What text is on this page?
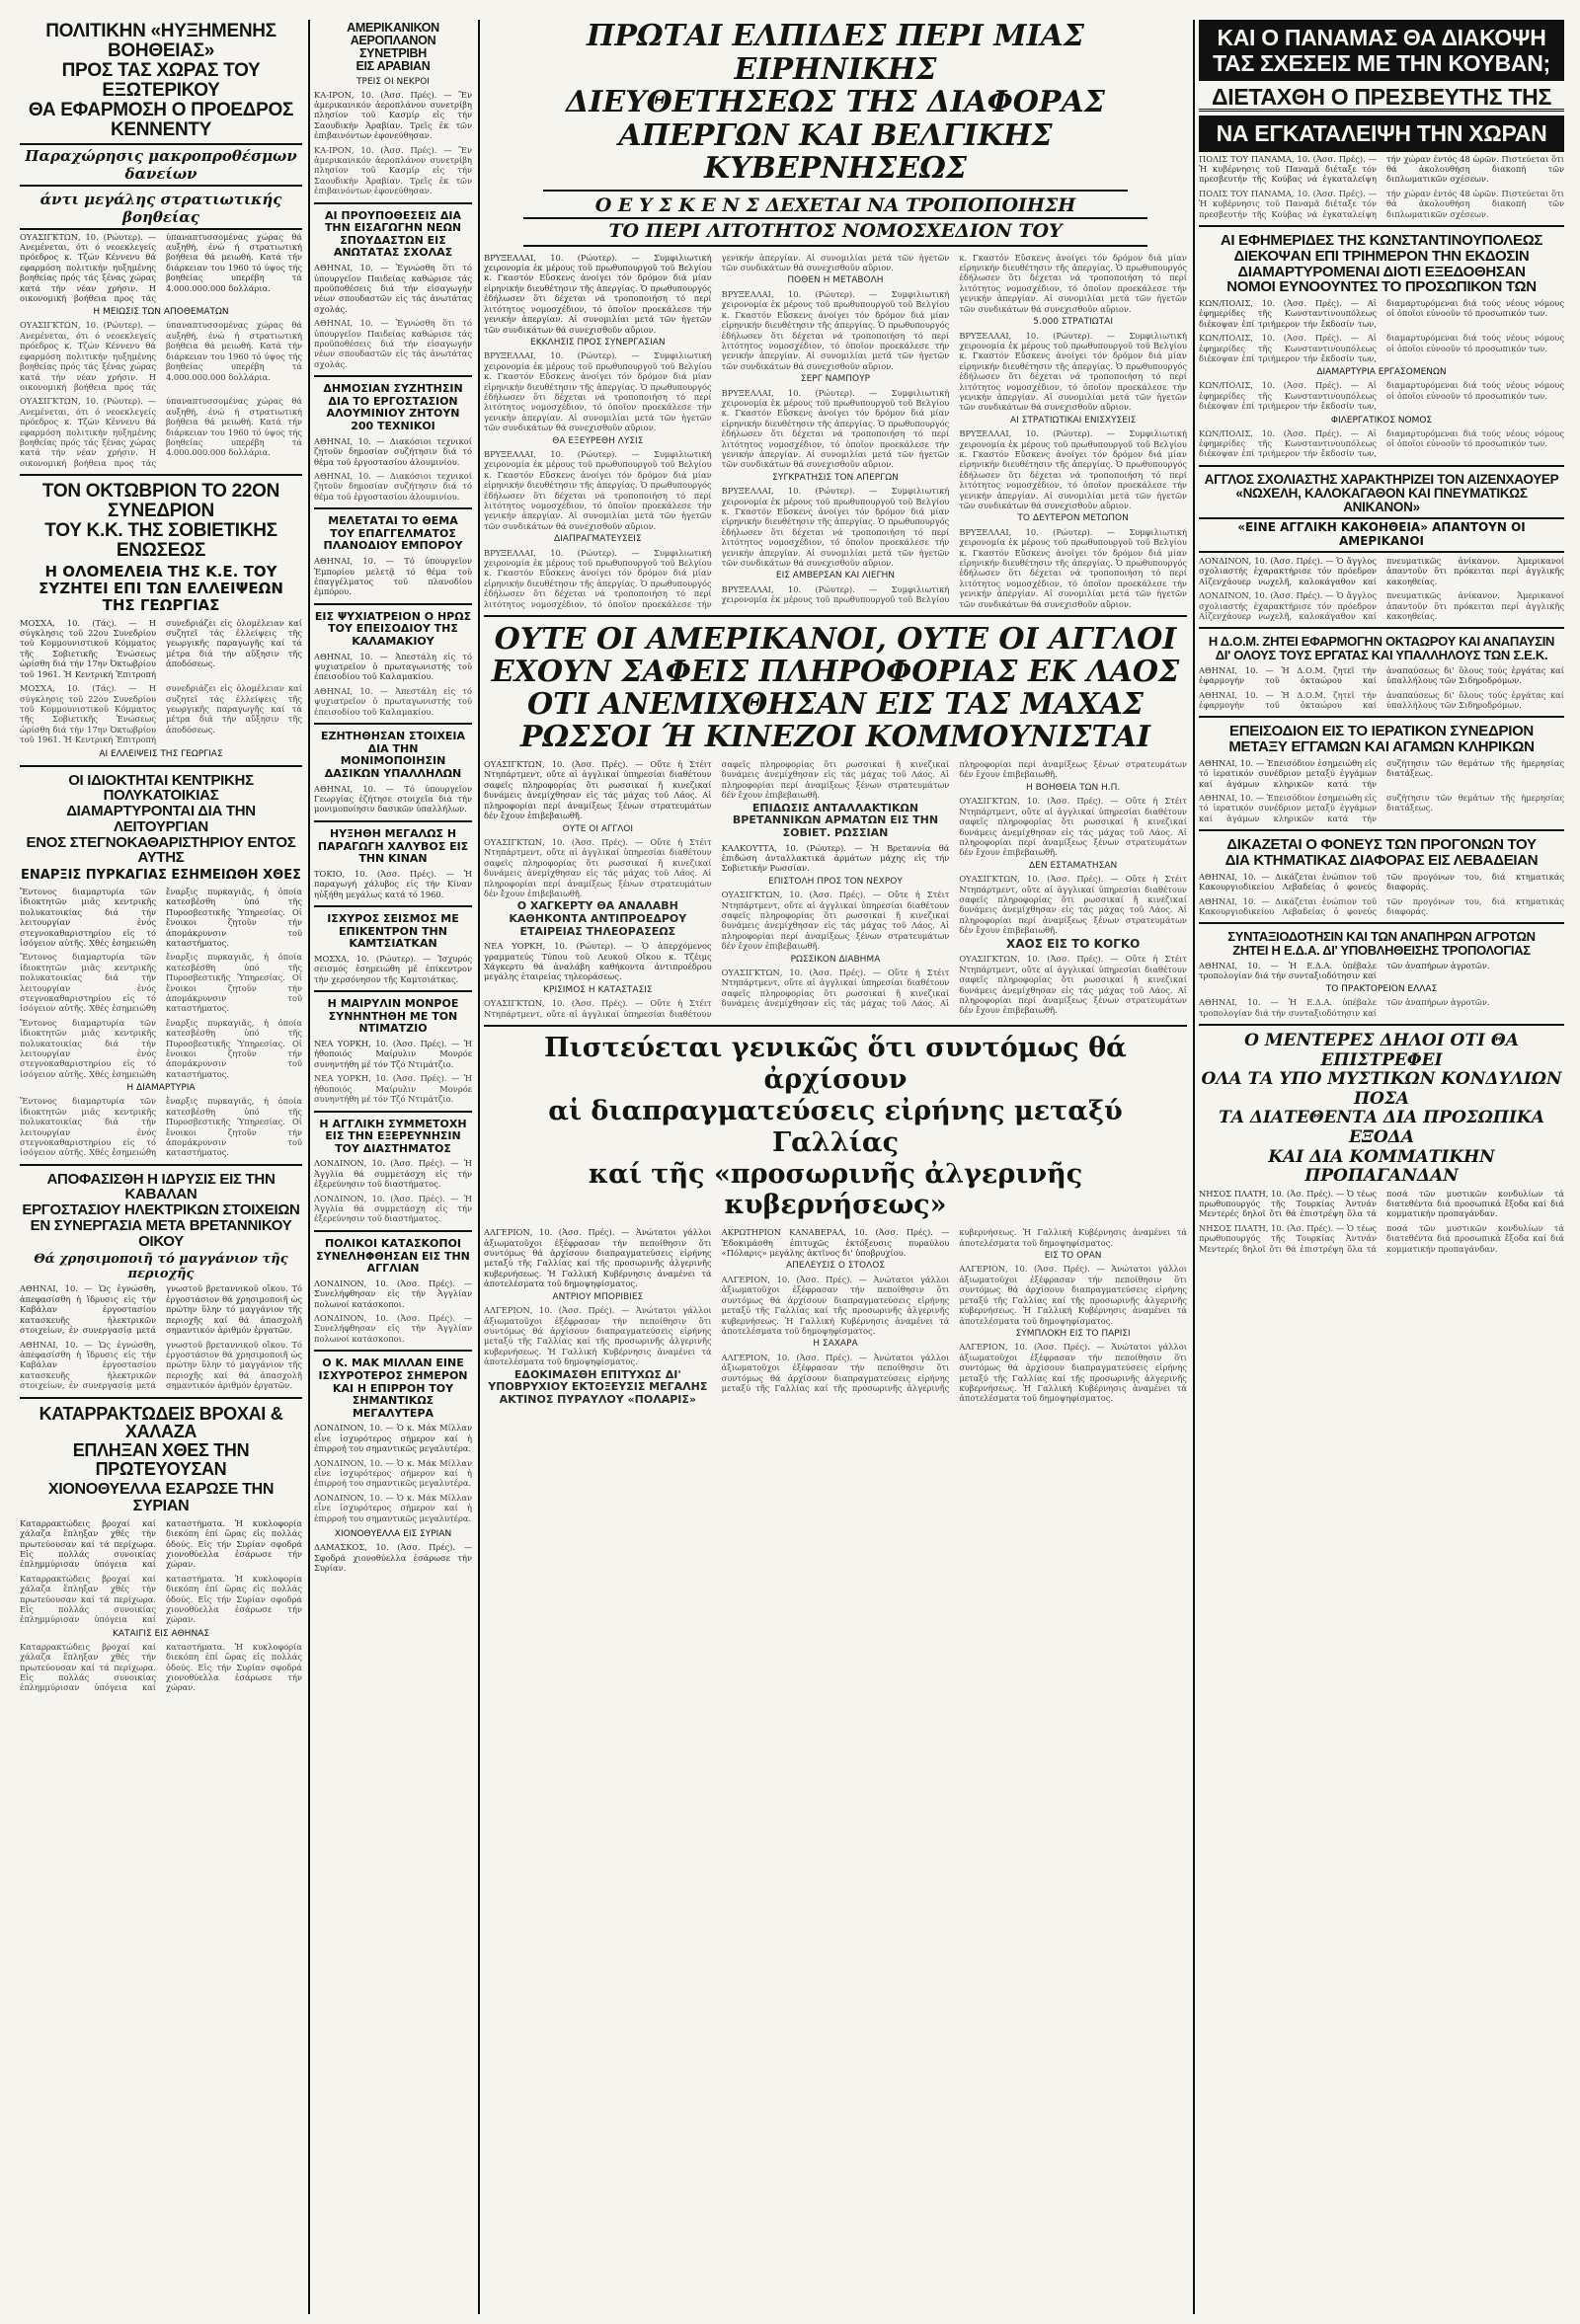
ΠΟΛΙΤΙΚΗΝ «ΗΥΞΗΜΕΝΗΣ ΒΟΗΘΕΙΑΣ»
ΠΡΟΣ ΤΑΣ ΧΩΡΑΣ ΤΟΥ ΕΞΩΤΕΡΙΚΟΥ
ΘΑ ΕΦΑΡΜΟΣΗ Ο ΠΡΟΕΔΡΟΣ ΚΕΝΝΕΝΤΥ
Παραχώρησις μακροπροθέσμων δανείων
άντι μεγάλης στρατιωτικής βοηθείας
ΟΥΑΣΙΓΚΤΩΝ, 10. (Ρώυτερ). — Ανεμένεται, ότι ό νεοεκλεγείς πρόεδρος κ. Τζών Κέννενυ θά εφαρμόση πολιτικήν ηυξημένης βοηθείας πρός τάς ξένας χώρας κατά τήν νέαν χρήσιν. Η οικονομική βοήθεια προς τάς ύπαναπτυσσομένας χώρας θά αυξηθή, ένώ ή στρατιωτική βοήθεια θά μειωθή. Κατά τήν διάρκειαν του 1960 τό ύψος τής βοηθείας υπερέβη τά 4.000.000.000 δολλάρια.
Η ΜΕΙΩΣΙΣ ΤΩΝ ΑΠΟΘΕΜΑΤΩΝ
ΟΥΑΣΙΓΚΤΩΝ, 10. (Ρώυτερ). — Ανεμένεται, ότι ό νεοεκλεγείς πρόεδρος κ. Τζών Κέννενυ θά εφαρμόση πολιτικήν ηυξημένης βοηθείας πρός τάς ξένας χώρας κατά τήν νέαν χρήσιν. Η οικονομική βοήθεια προς τάς ύπαναπτυσσομένας χώρας θά αυξηθή, ένώ ή στρατιωτική βοήθεια θά μειωθή. Κατά τήν διάρκειαν του 1960 τό ύψος τής βοηθείας υπερέβη τά 4.000.000.000 δολλάρια.
ΟΥΑΣΙΓΚΤΩΝ, 10. (Ρώυτερ). — Ανεμένεται, ότι ό νεοεκλεγείς πρόεδρος κ. Τζών Κέννενυ θά εφαρμόση πολιτικήν ηυξημένης βοηθείας πρός τάς ξένας χώρας κατά τήν νέαν χρήσιν. Η οικονομική βοήθεια προς τάς ύπαναπτυσσομένας χώρας θά αυξηθή, ένώ ή στρατιωτική βοήθεια θά μειωθή. Κατά τήν διάρκειαν του 1960 τό ύψος τής βοηθείας υπερέβη τά 4.000.000.000 δολλάρια.
ΤΟΝ ΟΚΤΩΒΡΙΟΝ ΤΟ 22ΟΝ ΣΥΝΕΔΡΙΟΝ
ΤΟΥ Κ.Κ. ΤΗΣ ΣΟΒΙΕΤΙΚΗΣ ΕΝΩΣΕΩΣ
Η ΟΛΟΜΕΛΕΙΑ ΤΗΣ Κ.Ε. ΤΟΥ ΣΥΖΗΤΕΙ ΕΠΙ ΤΩΝ ΕΛΛΕΙΨΕΩΝ ΤΗΣ ΓΕΩΡΓΙΑΣ
ΜΟΣΧΑ, 10. (Τάς). — Η σύγκλησις τοῦ 22ου Συνεδρίου τοῦ Κομμουνιστικοῦ Κόμματος τῆς Σοβιετικῆς Ἑνώσεως ὡρίσθη διά τήν 17ην Ὀκτωβρίου τοῦ 1961. Ἡ Κεντρική Ἐπιτροπή συνεδριάζει εἰς ὁλομέλειαν καί συζητεῖ τάς ἐλλείψεις τῆς γεωργικῆς παραγωγῆς καί τά μέτρα διά τήν αὔξησιν τῆς ἀποδόσεως.
ΜΟΣΧΑ, 10. (Τάς). — Η σύγκλησις τοῦ 22ου Συνεδρίου τοῦ Κομμουνιστικοῦ Κόμματος τῆς Σοβιετικῆς Ἑνώσεως ὡρίσθη διά τήν 17ην Ὀκτωβρίου τοῦ 1961. Ἡ Κεντρική Ἐπιτροπή συνεδριάζει εἰς ὁλομέλειαν καί συζητεῖ τάς ἐλλείψεις τῆς γεωργικῆς παραγωγῆς καί τά μέτρα διά τήν αὔξησιν τῆς ἀποδόσεως.
ΑΙ ΕΛΛΕΙΨΕΙΣ ΤΗΣ ΓΕΩΡΓΙΑΣ
ΟΙ ΙΔΙΟΚΤΗΤΑΙ ΚΕΝΤΡΙΚΗΣ ΠΟΛΥΚΑΤΟΙΚΙΑΣ
ΔΙΑΜΑΡΤΥΡΟΝΤΑΙ ΔΙΑ ΤΗΝ ΛΕΙΤΟΥΡΓΙΑΝ
ΕΝΟΣ ΣΤΕΓΝΟΚΑΘΑΡΙΣΤΗΡΙΟΥ ΕΝΤΟΣ ΑΥΤΗΣ
ΕΝΑΡΞΙΣ ΠΥΡΚΑΓΙΑΣ ΕΣΗΜΕΙΩΘΗ ΧΘΕΣ
Ἔντονος διαμαρτυρία τῶν ἰδιοκτητῶν μιᾶς κεντρικῆς πολυκατοικίας διά τήν λειτουργίαν ἑνός στεγνοκαθαριστηρίου εἰς τό ἰσόγειον αὐτῆς. Χθές ἐσημειώθη ἔναρξις πυρκαγιᾶς, ἡ ὁποία κατεσβέσθη ὑπό τῆς Πυροσβεστικῆς Ὑπηρεσίας. Οἱ ἔνοικοι ζητοῦν τήν ἀπομάκρυνσιν τοῦ καταστήματος.
Ἔντονος διαμαρτυρία τῶν ἰδιοκτητῶν μιᾶς κεντρικῆς πολυκατοικίας διά τήν λειτουργίαν ἑνός στεγνοκαθαριστηρίου εἰς τό ἰσόγειον αὐτῆς. Χθές ἐσημειώθη ἔναρξις πυρκαγιᾶς, ἡ ὁποία κατεσβέσθη ὑπό τῆς Πυροσβεστικῆς Ὑπηρεσίας. Οἱ ἔνοικοι ζητοῦν τήν ἀπομάκρυνσιν τοῦ καταστήματος.
Ἔντονος διαμαρτυρία τῶν ἰδιοκτητῶν μιᾶς κεντρικῆς πολυκατοικίας διά τήν λειτουργίαν ἑνός στεγνοκαθαριστηρίου εἰς τό ἰσόγειον αὐτῆς. Χθές ἐσημειώθη ἔναρξις πυρκαγιᾶς, ἡ ὁποία κατεσβέσθη ὑπό τῆς Πυροσβεστικῆς Ὑπηρεσίας. Οἱ ἔνοικοι ζητοῦν τήν ἀπομάκρυνσιν τοῦ καταστήματος.
Η ΔΙΑΜΑΡΤΥΡΙΑ
Ἔντονος διαμαρτυρία τῶν ἰδιοκτητῶν μιᾶς κεντρικῆς πολυκατοικίας διά τήν λειτουργίαν ἑνός στεγνοκαθαριστηρίου εἰς τό ἰσόγειον αὐτῆς. Χθές ἐσημειώθη ἔναρξις πυρκαγιᾶς, ἡ ὁποία κατεσβέσθη ὑπό τῆς Πυροσβεστικῆς Ὑπηρεσίας. Οἱ ἔνοικοι ζητοῦν τήν ἀπομάκρυνσιν τοῦ καταστήματος.
ΑΠΟΦΑΣΙΣΘΗ Η ΙΔΡΥΣΙΣ ΕΙΣ ΤΗΝ ΚΑΒΑΛΑΝ
ΕΡΓΟΣΤΑΣΙΟΥ ΗΛΕΚΤΡΙΚΩΝ ΣΤΟΙΧΕΙΩΝ
ΕΝ ΣΥΝΕΡΓΑΣΙΑ ΜΕΤΑ ΒΡΕΤΑΝΝΙΚΟΥ ΟΙΚΟΥ
Θά χρησιμοποιῆ τό μαγγάνιον τῆς περιοχῆς
ΑΘΗΝΑΙ, 10. — Ὡς ἐγνώσθη, ἀπεφασίσθη ἡ ἵδρυσις εἰς τήν Καβάλαν ἐργοστασίου κατασκευῆς ἠλεκτρικῶν στοιχείων, ἐν συνεργασίᾳ μετά γνωστοῦ βρεταννικοῦ οἴκου. Τό ἐργοστάσιον θά χρησιμοποιῆ ὡς πρώτην ὕλην τό μαγγάνιον τῆς περιοχῆς καί θά ἀπασχολῆ σημαντικόν ἀριθμόν ἐργατῶν.
ΑΘΗΝΑΙ, 10. — Ὡς ἐγνώσθη, ἀπεφασίσθη ἡ ἵδρυσις εἰς τήν Καβάλαν ἐργοστασίου κατασκευῆς ἠλεκτρικῶν στοιχείων, ἐν συνεργασίᾳ μετά γνωστοῦ βρεταννικοῦ οἴκου. Τό ἐργοστάσιον θά χρησιμοποιῆ ὡς πρώτην ὕλην τό μαγγάνιον τῆς περιοχῆς καί θά ἀπασχολῆ σημαντικόν ἀριθμόν ἐργατῶν.
ΚΑΤΑΡΡΑΚΤΩΔΕΙΣ ΒΡΟΧΑΙ & ΧΑΛΑΖΑ
ΕΠΛΗΞΑΝ ΧΘΕΣ ΤΗΝ ΠΡΩΤΕΥΟΥΣΑΝ
ΧΙΟΝΟΘΥΕΛΛΑ ΕΣΑΡΩΣΕ ΤΗΝ ΣΥΡΙΑΝ
Καταρρακτώδεις βροχαί καί χάλαζα ἔπληξαν χθές τήν πρωτεύουσαν καί τά περίχωρα. Εἰς πολλάς συνοικίας ἐπλημμύρισαν ὑπόγεια καί καταστήματα. Ἡ κυκλοφορία διεκόπη ἐπί ὥρας εἰς πολλάς ὁδούς. Εἰς τήν Συρίαν σφοδρά χιονοθύελλα ἐσάρωσε τήν χώραν.
Καταρρακτώδεις βροχαί καί χάλαζα ἔπληξαν χθές τήν πρωτεύουσαν καί τά περίχωρα. Εἰς πολλάς συνοικίας ἐπλημμύρισαν ὑπόγεια καί καταστήματα. Ἡ κυκλοφορία διεκόπη ἐπί ὥρας εἰς πολλάς ὁδούς. Εἰς τήν Συρίαν σφοδρά χιονοθύελλα ἐσάρωσε τήν χώραν.
ΚΑΤΑΙΓΙΣ ΕΙΣ ΑΘΗΝΑΣ
Καταρρακτώδεις βροχαί καί χάλαζα ἔπληξαν χθές τήν πρωτεύουσαν καί τά περίχωρα. Εἰς πολλάς συνοικίας ἐπλημμύρισαν ὑπόγεια καί καταστήματα. Ἡ κυκλοφορία διεκόπη ἐπί ὥρας εἰς πολλάς ὁδούς. Εἰς τήν Συρίαν σφοδρά χιονοθύελλα ἐσάρωσε τήν χώραν.
ΑΜΕΡΙΚΑΝΙΚΟΝ
ΑΕΡΟΠΛΑΝΟΝ
ΣΥΝΕΤΡΙΒΗ
ΕΙΣ ΑΡΑΒΙΑΝ
ΤΡΕΙΣ ΟΙ ΝΕΚΡΟΙ
ΚΑ-ΙΡΟΝ, 10. (Ἀσσ. Πρές). — Ἕν ἀμερικανικόν ἀεροπλάνον συνετρίβη πλησίον τοῦ Κασμίρ εἰς τήν Σαουδικήν Ἀραβίαν. Τρεῖς ἐκ τῶν ἐπιβαινόντων ἐφονεύθησαν.
ΚΑ-ΙΡΟΝ, 10. (Ἀσσ. Πρές). — Ἕν ἀμερικανικόν ἀεροπλάνον συνετρίβη πλησίον τοῦ Κασμίρ εἰς τήν Σαουδικήν Ἀραβίαν. Τρεῖς ἐκ τῶν ἐπιβαινόντων ἐφονεύθησαν.
ΑΙ ΠΡΟΥΠΟΘΕΣΕΙΣ ΔΙΑ ΤΗΝ ΕΙΣΑΓΩΓΗΝ ΝΕΩΝ ΣΠΟΥΔΑΣΤΩΝ ΕΙΣ ΑΝΩΤΑΤΑΣ ΣΧΟΛΑΣ
ΑΘΗΝΑΙ, 10. — Ἐγνώσθη ὅτι τό ὑπουργεῖον Παιδείας καθώρισε τάς προϋποθέσεις διά τήν εἰσαγωγήν νέων σπουδαστῶν εἰς τάς ἀνωτάτας σχολάς.
ΑΘΗΝΑΙ, 10. — Ἐγνώσθη ὅτι τό ὑπουργεῖον Παιδείας καθώρισε τάς προϋποθέσεις διά τήν εἰσαγωγήν νέων σπουδαστῶν εἰς τάς ἀνωτάτας σχολάς.
ΔΗΜΟΣΙΑΝ ΣΥΖΗΤΗΣΙΝ ΔΙΑ ΤΟ ΕΡΓΟΣΤΑΣΙΟΝ ΑΛΟΥΜΙΝΙΟΥ ΖΗΤΟΥΝ 200 ΤΕΧΝΙΚΟΙ
ΑΘΗΝΑΙ, 10. — Διακόσιοι τεχνικοί ζητοῦν δημοσίαν συζήτησιν διά τό θέμα τοῦ ἐργοστασίου ἀλουμινίου.
ΑΘΗΝΑΙ, 10. — Διακόσιοι τεχνικοί ζητοῦν δημοσίαν συζήτησιν διά τό θέμα τοῦ ἐργοστασίου ἀλουμινίου.
ΜΕΛΕΤΑΤΑΙ ΤΟ ΘΕΜΑ ΤΟΥ ΕΠΑΓΓΕΛΜΑΤΟΣ ΠΛΑΝΟΔΙΟΥ ΕΜΠΟΡΟΥ
ΑΘΗΝΑΙ, 10. — Τό ὑπουργεῖον Ἐμπορίου μελετᾷ τό θέμα τοῦ ἐπαγγέλματος τοῦ πλανοδίου ἐμπόρου.
ΕΙΣ ΨΥΧΙΑΤΡΕΙΟΝ Ο ΗΡΩΣ ΤΟΥ ΕΠΕΙΣΟΔΙΟΥ ΤΗΣ ΚΑΛΑΜΑΚΙΟΥ
ΑΘΗΝΑΙ, 10. — Ἀπεστάλη εἰς τό ψυχιατρεῖον ὁ πρωταγωνιστής τοῦ ἐπεισοδίου τοῦ Καλαμακίου.
ΑΘΗΝΑΙ, 10. — Ἀπεστάλη εἰς τό ψυχιατρεῖον ὁ πρωταγωνιστής τοῦ ἐπεισοδίου τοῦ Καλαμακίου.
ΕΖΗΤΗΘΗΣΑΝ ΣΤΟΙΧΕΙΑ ΔΙΑ ΤΗΝ ΜΟΝΙΜΟΠΟΙΗΣΙΝ ΔΑΣΙΚΩΝ ΥΠΑΛΛΗΛΩΝ
ΑΘΗΝΑΙ, 10. — Τό ὑπουργεῖον Γεωργίας ἐζήτησε στοιχεῖα διά τήν μονιμοποίησιν δασικῶν ὑπαλλήλων.
ΗΥΞΗΘΗ ΜΕΓΑΛΩΣ Η ΠΑΡΑΓΩΓΗ ΧΑΛΥΒΟΣ ΕΙΣ ΤΗΝ ΚΙΝΑΝ
ΤΟΚΙΟ, 10. (Ἀσσ. Πρές). — Ἡ παραγωγή χάλυβος εἰς τήν Κίναν ηὐξήθη μεγάλως κατά τό 1960.
ΙΣΧΥΡΟΣ ΣΕΙΣΜΟΣ ΜΕ ΕΠΙΚΕΝΤΡΟΝ ΤΗΝ ΚΑΜΤΣΙΑΤΚΑΝ
ΜΟΣΧΑ, 10. (Ρώυτερ). — Ἰσχυρός σεισμός ἐσημειώθη μέ ἐπίκεντρον τήν χερσόνησον τῆς Καμτσιάτκας.
Η ΜΑΙΡΥΛΙΝ ΜΟΝΡΟΕ ΣΥΝΗΝΤΗΘΗ ΜΕ ΤΟΝ ΝΤΙΜΑΤΖΙΟ
ΝΕΑ ΥΟΡΚΗ, 10. (Ἀσσ. Πρές). — Ἡ ἠθοποιός Μαίρυλιν Μονρόε συνηντήθη μέ τόν Τζό Ντιμάτζιο.
ΝΕΑ ΥΟΡΚΗ, 10. (Ἀσσ. Πρές). — Ἡ ἠθοποιός Μαίρυλιν Μονρόε συνηντήθη μέ τόν Τζό Ντιμάτζιο.
Η ΑΓΓΛΙΚΗ ΣΥΜΜΕΤΟΧΗ ΕΙΣ ΤΗΝ ΕΞΕΡΕΥΝΗΣΙΝ ΤΟΥ ΔΙΑΣΤΗΜΑΤΟΣ
ΛΟΝΔΙΝΟΝ, 10. (Ἀσσ. Πρές). — Ἡ Ἀγγλία θά συμμετάσχη εἰς τήν ἐξερεύνησιν τοῦ διαστήματος.
ΛΟΝΔΙΝΟΝ, 10. (Ἀσσ. Πρές). — Ἡ Ἀγγλία θά συμμετάσχη εἰς τήν ἐξερεύνησιν τοῦ διαστήματος.
ΠΟΛΙΚΟΙ ΚΑΤΑΣΚΟΠΟΙ ΣΥΝΕΛΗΦΘΗΣΑΝ ΕΙΣ ΤΗΝ ΑΓΓΛΙΑΝ
ΛΟΝΔΙΝΟΝ, 10. (Ἀσσ. Πρές). — Συνελήφθησαν εἰς τήν Ἀγγλίαν πολωνοί κατάσκοποι.
ΛΟΝΔΙΝΟΝ, 10. (Ἀσσ. Πρές). — Συνελήφθησαν εἰς τήν Ἀγγλίαν πολωνοί κατάσκοποι.
Ο Κ. ΜΑΚ ΜΙΛΛΑΝ ΕΙΝΕ ΙΣΧΥΡΟΤΕΡΟΣ ΣΗΜΕΡΟΝ ΚΑΙ Η ΕΠΙΡΡΟΗ ΤΟΥ ΣΗΜΑΝΤΙΚΩΣ ΜΕΓΑΛΥΤΕΡΑ
ΛΟΝΔΙΝΟΝ, 10. — Ὁ κ. Μάκ Μίλλαν εἶνε ἰσχυρότερος σήμερον καί ἡ ἐπιρροή του σημαντικῶς μεγαλυτέρα.
ΛΟΝΔΙΝΟΝ, 10. — Ὁ κ. Μάκ Μίλλαν εἶνε ἰσχυρότερος σήμερον καί ἡ ἐπιρροή του σημαντικῶς μεγαλυτέρα.
ΛΟΝΔΙΝΟΝ, 10. — Ὁ κ. Μάκ Μίλλαν εἶνε ἰσχυρότερος σήμερον καί ἡ ἐπιρροή του σημαντικῶς μεγαλυτέρα.
ΧΙΟΝΟΘΥΕΛΛΑ ΕΙΣ ΣΥΡΙΑΝ
ΔΑΜΑΣΚΟΣ, 10. (Ἀσσ. Πρές). — Σφοδρά χιονοθύελλα ἐσάρωσε τήν Συρίαν.
ΠΡΩΤΑΙ ΕΛΠΙΔΕΣ ΠΕΡΙ ΜΙΑΣ ΕΙΡΗΝΙΚΗΣ
ΔΙΕΥΘΕΤΗΣΕΩΣ ΤΗΣ ΔΙΑΦΟΡΑΣ
ΑΠΕΡΓΩΝ ΚΑΙ ΒΕΛΓΙΚΗΣ ΚΥΒΕΡΝΗΣΕΩΣ
Ο Ε Υ Σ Κ Ε Ν Σ ΔΕΧΕΤΑΙ ΝΑ ΤΡΟΠΟΠΟΙΗΣΗ
ΤΟ ΠΕΡΙ ΛΙΤΟΤΗΤΟΣ ΝΟΜΟΣΧΕΔΙΟΝ ΤΟΥ
ΒΡΥΞΕΛΛΑΙ, 10. (Ρώυτερ). — Συμφιλιωτική χειρονομία ἐκ μέρους τοῦ πρωθυπουργοῦ τοῦ Βελγίου κ. Γκαστόν Εὔσκενς ἀνοίγει τόν δρόμον διά μίαν εἰρηνικήν διευθέτησιν τῆς ἀπεργίας. Ὁ πρωθυπουργός ἐδήλωσεν ὅτι δέχεται νά τροποποιήση τό περί λιτότητος νομοσχέδιον, τό ὁποῖον προεκάλεσε τήν γενικήν ἀπεργίαν. Αἱ συνομιλίαι μετά τῶν ἡγετῶν τῶν συνδικάτων θά συνεχισθοῦν αὔριον.
ΕΚΚΛΗΣΙΣ ΠΡΟΣ ΣΥΝΕΡΓΑΣΙΑΝ
ΒΡΥΞΕΛΛΑΙ, 10. (Ρώυτερ). — Συμφιλιωτική χειρονομία ἐκ μέρους τοῦ πρωθυπουργοῦ τοῦ Βελγίου κ. Γκαστόν Εὔσκενς ἀνοίγει τόν δρόμον διά μίαν εἰρηνικήν διευθέτησιν τῆς ἀπεργίας. Ὁ πρωθυπουργός ἐδήλωσεν ὅτι δέχεται νά τροποποιήση τό περί λιτότητος νομοσχέδιον, τό ὁποῖον προεκάλεσε τήν γενικήν ἀπεργίαν. Αἱ συνομιλίαι μετά τῶν ἡγετῶν τῶν συνδικάτων θά συνεχισθοῦν αὔριον.
ΘΑ ΕΞΕΥΡΕΘΗ ΛΥΣΙΣ
ΒΡΥΞΕΛΛΑΙ, 10. (Ρώυτερ). — Συμφιλιωτική χειρονομία ἐκ μέρους τοῦ πρωθυπουργοῦ τοῦ Βελγίου κ. Γκαστόν Εὔσκενς ἀνοίγει τόν δρόμον διά μίαν εἰρηνικήν διευθέτησιν τῆς ἀπεργίας. Ὁ πρωθυπουργός ἐδήλωσεν ὅτι δέχεται νά τροποποιήση τό περί λιτότητος νομοσχέδιον, τό ὁποῖον προεκάλεσε τήν γενικήν ἀπεργίαν. Αἱ συνομιλίαι μετά τῶν ἡγετῶν τῶν συνδικάτων θά συνεχισθοῦν αὔριον.
ΔΙΑΠΡΑΓΜΑΤΕΥΣΕΙΣ
ΒΡΥΞΕΛΛΑΙ, 10. (Ρώυτερ). — Συμφιλιωτική χειρονομία ἐκ μέρους τοῦ πρωθυπουργοῦ τοῦ Βελγίου κ. Γκαστόν Εὔσκενς ἀνοίγει τόν δρόμον διά μίαν εἰρηνικήν διευθέτησιν τῆς ἀπεργίας. Ὁ πρωθυπουργός ἐδήλωσεν ὅτι δέχεται νά τροποποιήση τό περί λιτότητος νομοσχέδιον, τό ὁποῖον προεκάλεσε τήν γενικήν ἀπεργίαν. Αἱ συνομιλίαι μετά τῶν ἡγετῶν τῶν συνδικάτων θά συνεχισθοῦν αὔριον.
ΠΟΘΕΝ Η ΜΕΤΑΒΟΛΗ
ΒΡΥΞΕΛΛΑΙ, 10. (Ρώυτερ). — Συμφιλιωτική χειρονομία ἐκ μέρους τοῦ πρωθυπουργοῦ τοῦ Βελγίου κ. Γκαστόν Εὔσκενς ἀνοίγει τόν δρόμον διά μίαν εἰρηνικήν διευθέτησιν τῆς ἀπεργίας. Ὁ πρωθυπουργός ἐδήλωσεν ὅτι δέχεται νά τροποποιήση τό περί λιτότητος νομοσχέδιον, τό ὁποῖον προεκάλεσε τήν γενικήν ἀπεργίαν. Αἱ συνομιλίαι μετά τῶν ἡγετῶν τῶν συνδικάτων θά συνεχισθοῦν αὔριον.
ΣΕΡΓ ΝΑΜΠΟΥΡ
ΒΡΥΞΕΛΛΑΙ, 10. (Ρώυτερ). — Συμφιλιωτική χειρονομία ἐκ μέρους τοῦ πρωθυπουργοῦ τοῦ Βελγίου κ. Γκαστόν Εὔσκενς ἀνοίγει τόν δρόμον διά μίαν εἰρηνικήν διευθέτησιν τῆς ἀπεργίας. Ὁ πρωθυπουργός ἐδήλωσεν ὅτι δέχεται νά τροποποιήση τό περί λιτότητος νομοσχέδιον, τό ὁποῖον προεκάλεσε τήν γενικήν ἀπεργίαν. Αἱ συνομιλίαι μετά τῶν ἡγετῶν τῶν συνδικάτων θά συνεχισθοῦν αὔριον.
ΣΥΓΚΡΑΤΗΣΙΣ ΤΟΝ ΑΠΕΡΓΩΝ
ΒΡΥΞΕΛΛΑΙ, 10. (Ρώυτερ). — Συμφιλιωτική χειρονομία ἐκ μέρους τοῦ πρωθυπουργοῦ τοῦ Βελγίου κ. Γκαστόν Εὔσκενς ἀνοίγει τόν δρόμον διά μίαν εἰρηνικήν διευθέτησιν τῆς ἀπεργίας. Ὁ πρωθυπουργός ἐδήλωσεν ὅτι δέχεται νά τροποποιήση τό περί λιτότητος νομοσχέδιον, τό ὁποῖον προεκάλεσε τήν γενικήν ἀπεργίαν. Αἱ συνομιλίαι μετά τῶν ἡγετῶν τῶν συνδικάτων θά συνεχισθοῦν αὔριον.
ΕΙΣ ΑΜΒΕΡΣΑΝ ΚΑΙ ΛΙΕΓΗΝ
ΒΡΥΞΕΛΛΑΙ, 10. (Ρώυτερ). — Συμφιλιωτική χειρονομία ἐκ μέρους τοῦ πρωθυπουργοῦ τοῦ Βελγίου κ. Γκαστόν Εὔσκενς ἀνοίγει τόν δρόμον διά μίαν εἰρηνικήν διευθέτησιν τῆς ἀπεργίας. Ὁ πρωθυπουργός ἐδήλωσεν ὅτι δέχεται νά τροποποιήση τό περί λιτότητος νομοσχέδιον, τό ὁποῖον προεκάλεσε τήν γενικήν ἀπεργίαν. Αἱ συνομιλίαι μετά τῶν ἡγετῶν τῶν συνδικάτων θά συνεχισθοῦν αὔριον.
5.000 ΣΤΡΑΤΙΩΤΑΙ
ΒΡΥΞΕΛΛΑΙ, 10. (Ρώυτερ). — Συμφιλιωτική χειρονομία ἐκ μέρους τοῦ πρωθυπουργοῦ τοῦ Βελγίου κ. Γκαστόν Εὔσκενς ἀνοίγει τόν δρόμον διά μίαν εἰρηνικήν διευθέτησιν τῆς ἀπεργίας. Ὁ πρωθυπουργός ἐδήλωσεν ὅτι δέχεται νά τροποποιήση τό περί λιτότητος νομοσχέδιον, τό ὁποῖον προεκάλεσε τήν γενικήν ἀπεργίαν. Αἱ συνομιλίαι μετά τῶν ἡγετῶν τῶν συνδικάτων θά συνεχισθοῦν αὔριον.
ΑΙ ΣΤΡΑΤΙΩΤΙΚΑΙ ΕΝΙΣΧΥΣΕΙΣ
ΒΡΥΞΕΛΛΑΙ, 10. (Ρώυτερ). — Συμφιλιωτική χειρονομία ἐκ μέρους τοῦ πρωθυπουργοῦ τοῦ Βελγίου κ. Γκαστόν Εὔσκενς ἀνοίγει τόν δρόμον διά μίαν εἰρηνικήν διευθέτησιν τῆς ἀπεργίας. Ὁ πρωθυπουργός ἐδήλωσεν ὅτι δέχεται νά τροποποιήση τό περί λιτότητος νομοσχέδιον, τό ὁποῖον προεκάλεσε τήν γενικήν ἀπεργίαν. Αἱ συνομιλίαι μετά τῶν ἡγετῶν τῶν συνδικάτων θά συνεχισθοῦν αὔριον.
ΤΟ ΔΕΥΤΕΡΟΝ ΜΕΤΩΠΟΝ
ΒΡΥΞΕΛΛΑΙ, 10. (Ρώυτερ). — Συμφιλιωτική χειρονομία ἐκ μέρους τοῦ πρωθυπουργοῦ τοῦ Βελγίου κ. Γκαστόν Εὔσκενς ἀνοίγει τόν δρόμον διά μίαν εἰρηνικήν διευθέτησιν τῆς ἀπεργίας. Ὁ πρωθυπουργός ἐδήλωσεν ὅτι δέχεται νά τροποποιήση τό περί λιτότητος νομοσχέδιον, τό ὁποῖον προεκάλεσε τήν γενικήν ἀπεργίαν. Αἱ συνομιλίαι μετά τῶν ἡγετῶν τῶν συνδικάτων θά συνεχισθοῦν αὔριον.
ΟΥΤΕ ΟΙ ΑΜΕΡΙΚΑΝΟΙ, ΟΥΤΕ ΟΙ ΑΓΓΛΟΙ
ΕΧΟΥΝ ΣΑΦΕΙΣ ΠΛΗΡΟΦΟΡΙΑΣ ΕΚ ΛΑΟΣ
ΟΤΙ ΑΝΕΜΙΧΘΗΣΑΝ ΕΙΣ ΤΑΣ ΜΑΧΑΣ
ΡΩΣΣΟΙ Ή ΚΙΝΕΖΟΙ ΚΟΜΜΟΥΝΙΣΤΑΙ
ΟΥΑΣΙΓΚΤΩΝ, 10. (Ἀσσ. Πρές). — Οὔτε ἡ Στέιτ Ντηπάρτμεντ, οὔτε αἱ ἀγγλικαί ὑπηρεσίαι διαθέτουν σαφεῖς πληροφορίας ὅτι ρωσσικαί ἤ κινεζικαί δυνάμεις ἀνεμίχθησαν εἰς τάς μάχας τοῦ Λάος. Αἱ πληροφορίαι περί ἀναμίξεως ξένων στρατευμάτων δέν ἔχουν ἐπιβεβαιωθῆ.
ΟΥΤΕ ΟΙ ΑΓΓΛΟΙ
ΟΥΑΣΙΓΚΤΩΝ, 10. (Ἀσσ. Πρές). — Οὔτε ἡ Στέιτ Ντηπάρτμεντ, οὔτε αἱ ἀγγλικαί ὑπηρεσίαι διαθέτουν σαφεῖς πληροφορίας ὅτι ρωσσικαί ἤ κινεζικαί δυνάμεις ἀνεμίχθησαν εἰς τάς μάχας τοῦ Λάος. Αἱ πληροφορίαι περί ἀναμίξεως ξένων στρατευμάτων δέν ἔχουν ἐπιβεβαιωθῆ.
Ο ΧΑΓΚΕΡΤΥ ΘΑ ΑΝΑΛΑΒΗ ΚΑΘΗΚΟΝΤΑ ΑΝΤΙΠΡΟΕΔΡΟΥ ΕΤΑΙΡΕΙΑΣ ΤΗΛΕΟΡΑΣΕΩΣ
ΝΕΑ ΥΟΡΚΗ, 10. (Ρώυτερ). — Ὁ ἀπερχόμενος γραμματεύς Τύπου τοῦ Λευκοῦ Οἴκου κ. Τζέιμς Χάγκερτυ θά ἀναλάβη καθήκοντα ἀντιπροέδρου μεγάλης ἑταιρείας τηλεοράσεως.
ΚΡΙΣΙΜΟΣ Η ΚΑΤΑΣΤΑΣΙΣ
ΟΥΑΣΙΓΚΤΩΝ, 10. (Ἀσσ. Πρές). — Οὔτε ἡ Στέιτ Ντηπάρτμεντ, οὔτε αἱ ἀγγλικαί ὑπηρεσίαι διαθέτουν σαφεῖς πληροφορίας ὅτι ρωσσικαί ἤ κινεζικαί δυνάμεις ἀνεμίχθησαν εἰς τάς μάχας τοῦ Λάος. Αἱ πληροφορίαι περί ἀναμίξεως ξένων στρατευμάτων δέν ἔχουν ἐπιβεβαιωθῆ.
ΕΠΙΔΩΣΙΣ ΑΝΤΑΛΛΑΚΤΙΚΩΝ ΒΡΕΤΑΝΝΙΚΩΝ ΑΡΜΑΤΩΝ ΕΙΣ ΤΗΝ ΣΟΒΙΕΤ. ΡΩΣΣΙΑΝ
ΚΑΛΚΟΥΤΤΑ, 10. (Ρώυτερ). — Ἡ Βρεταννία θά ἐπιδώση ἀνταλλακτικά ἁρμάτων μάχης εἰς τήν Σοβιετικήν Ρωσσίαν.
ΕΠΙΣΤΟΛΗ ΠΡΟΣ ΤΟΝ ΝΕΧΡΟΥ
ΟΥΑΣΙΓΚΤΩΝ, 10. (Ἀσσ. Πρές). — Οὔτε ἡ Στέιτ Ντηπάρτμεντ, οὔτε αἱ ἀγγλικαί ὑπηρεσίαι διαθέτουν σαφεῖς πληροφορίας ὅτι ρωσσικαί ἤ κινεζικαί δυνάμεις ἀνεμίχθησαν εἰς τάς μάχας τοῦ Λάος. Αἱ πληροφορίαι περί ἀναμίξεως ξένων στρατευμάτων δέν ἔχουν ἐπιβεβαιωθῆ.
ΡΩΣΣΙΚΟΝ ΔΙΑΒΗΜΑ
ΟΥΑΣΙΓΚΤΩΝ, 10. (Ἀσσ. Πρές). — Οὔτε ἡ Στέιτ Ντηπάρτμεντ, οὔτε αἱ ἀγγλικαί ὑπηρεσίαι διαθέτουν σαφεῖς πληροφορίας ὅτι ρωσσικαί ἤ κινεζικαί δυνάμεις ἀνεμίχθησαν εἰς τάς μάχας τοῦ Λάος. Αἱ πληροφορίαι περί ἀναμίξεως ξένων στρατευμάτων δέν ἔχουν ἐπιβεβαιωθῆ.
Η ΒΟΗΘΕΙΑ ΤΩΝ Η.Π.
ΟΥΑΣΙΓΚΤΩΝ, 10. (Ἀσσ. Πρές). — Οὔτε ἡ Στέιτ Ντηπάρτμεντ, οὔτε αἱ ἀγγλικαί ὑπηρεσίαι διαθέτουν σαφεῖς πληροφορίας ὅτι ρωσσικαί ἤ κινεζικαί δυνάμεις ἀνεμίχθησαν εἰς τάς μάχας τοῦ Λάος. Αἱ πληροφορίαι περί ἀναμίξεως ξένων στρατευμάτων δέν ἔχουν ἐπιβεβαιωθῆ.
ΔΕΝ ΕΣΤΑΜΑΤΗΣΑΝ
ΟΥΑΣΙΓΚΤΩΝ, 10. (Ἀσσ. Πρές). — Οὔτε ἡ Στέιτ Ντηπάρτμεντ, οὔτε αἱ ἀγγλικαί ὑπηρεσίαι διαθέτουν σαφεῖς πληροφορίας ὅτι ρωσσικαί ἤ κινεζικαί δυνάμεις ἀνεμίχθησαν εἰς τάς μάχας τοῦ Λάος. Αἱ πληροφορίαι περί ἀναμίξεως ξένων στρατευμάτων δέν ἔχουν ἐπιβεβαιωθῆ.
ΧΑΟΣ ΕΙΣ ΤΟ ΚΟΓΚΟ
ΟΥΑΣΙΓΚΤΩΝ, 10. (Ἀσσ. Πρές). — Οὔτε ἡ Στέιτ Ντηπάρτμεντ, οὔτε αἱ ἀγγλικαί ὑπηρεσίαι διαθέτουν σαφεῖς πληροφορίας ὅτι ρωσσικαί ἤ κινεζικαί δυνάμεις ἀνεμίχθησαν εἰς τάς μάχας τοῦ Λάος. Αἱ πληροφορίαι περί ἀναμίξεως ξένων στρατευμάτων δέν ἔχουν ἐπιβεβαιωθῆ.
Πιστεύεται γενικῶς ὅτι συντόμως θά ἀρχίσουν
αἱ διαπραγματεύσεις εἰρήνης μεταξύ Γαλλίας
καί τῆς «προσωρινῆς ἀλγερινῆς κυβερνήσεως»
ΑΛΓΕΡΙΟΝ, 10. (Ἀσσ. Πρές). — Ἀνώτατοι γάλλοι ἀξιωματοῦχοι ἐξέφρασαν τήν πεποίθησιν ὅτι συντόμως θά ἀρχίσουν διαπραγματεύσεις εἰρήνης μεταξύ τῆς Γαλλίας καί τῆς προσωρινῆς ἀλγερινῆς κυβερνήσεως. Ἡ Γαλλική Κυβέρνησις ἀναμένει τά ἀποτελέσματα τοῦ δημοψηφίσματος.
ΑΝΤΡΙΟΥ ΜΠΟΡΙΒΙΕΣ
ΑΛΓΕΡΙΟΝ, 10. (Ἀσσ. Πρές). — Ἀνώτατοι γάλλοι ἀξιωματοῦχοι ἐξέφρασαν τήν πεποίθησιν ὅτι συντόμως θά ἀρχίσουν διαπραγματεύσεις εἰρήνης μεταξύ τῆς Γαλλίας καί τῆς προσωρινῆς ἀλγερινῆς κυβερνήσεως. Ἡ Γαλλική Κυβέρνησις ἀναμένει τά ἀποτελέσματα τοῦ δημοψηφίσματος.
ΕΔΟΚΙΜΑΣΘΗ ΕΠΙΤΥΧΩΣ ΔΙ' ΥΠΟΒΡΥΧΙΟΥ ΕΚΤΟΞΕΥΣΙΣ ΜΕΓΑΛΗΣ ΑΚΤΙΝΟΣ ΠΥΡΑΥΛΟΥ «ΠΟΛΑΡΙΣ»
ΑΚΡΩΤΗΡΙΟΝ ΚΑΝΑΒΕΡΑΛ, 10. (Ἀσσ. Πρές). — Ἐδοκιμάσθη ἐπιτυχῶς ἐκτόξευσις πυραύλου «Πόλαρις» μεγάλης ἀκτῖνος δι' ὑποβρυχίου.
ΑΠΕΛΕΥΣΙΣ Ο ΣΤΟΛΟΣ
ΑΛΓΕΡΙΟΝ, 10. (Ἀσσ. Πρές). — Ἀνώτατοι γάλλοι ἀξιωματοῦχοι ἐξέφρασαν τήν πεποίθησιν ὅτι συντόμως θά ἀρχίσουν διαπραγματεύσεις εἰρήνης μεταξύ τῆς Γαλλίας καί τῆς προσωρινῆς ἀλγερινῆς κυβερνήσεως. Ἡ Γαλλική Κυβέρνησις ἀναμένει τά ἀποτελέσματα τοῦ δημοψηφίσματος.
Η ΣΑΧΑΡΑ
ΑΛΓΕΡΙΟΝ, 10. (Ἀσσ. Πρές). — Ἀνώτατοι γάλλοι ἀξιωματοῦχοι ἐξέφρασαν τήν πεποίθησιν ὅτι συντόμως θά ἀρχίσουν διαπραγματεύσεις εἰρήνης μεταξύ τῆς Γαλλίας καί τῆς προσωρινῆς ἀλγερινῆς κυβερνήσεως. Ἡ Γαλλική Κυβέρνησις ἀναμένει τά ἀποτελέσματα τοῦ δημοψηφίσματος.
ΕΙΣ ΤΟ ΟΡΑΝ
ΑΛΓΕΡΙΟΝ, 10. (Ἀσσ. Πρές). — Ἀνώτατοι γάλλοι ἀξιωματοῦχοι ἐξέφρασαν τήν πεποίθησιν ὅτι συντόμως θά ἀρχίσουν διαπραγματεύσεις εἰρήνης μεταξύ τῆς Γαλλίας καί τῆς προσωρινῆς ἀλγερινῆς κυβερνήσεως. Ἡ Γαλλική Κυβέρνησις ἀναμένει τά ἀποτελέσματα τοῦ δημοψηφίσματος.
ΣΥΜΠΛΟΚΗ ΕΙΣ ΤΟ ΠΑΡΙΣΙ
ΑΛΓΕΡΙΟΝ, 10. (Ἀσσ. Πρές). — Ἀνώτατοι γάλλοι ἀξιωματοῦχοι ἐξέφρασαν τήν πεποίθησιν ὅτι συντόμως θά ἀρχίσουν διαπραγματεύσεις εἰρήνης μεταξύ τῆς Γαλλίας καί τῆς προσωρινῆς ἀλγερινῆς κυβερνήσεως. Ἡ Γαλλική Κυβέρνησις ἀναμένει τά ἀποτελέσματα τοῦ δημοψηφίσματος.
ΚΑΙ Ο ΠΑΝΑΜΑΣ ΘΑ ΔΙΑΚΟΨΗ
ΤΑΣ ΣΧΕΣΕΙΣ ΜΕ ΤΗΝ ΚΟΥΒΑΝ;
ΔΙΕΤΑΧΘΗ Ο ΠΡΕΣΒΕΥΤΗΣ ΤΗΣ
ΝΑ ΕΓΚΑΤΑΛΕΙΨΗ ΤΗΝ ΧΩΡΑΝ
ΠΟΛΙΣ ΤΟΥ ΠΑΝΑΜΑ, 10. (Ἀσσ. Πρές). — Ἡ κυβέρνησις τοῦ Παναμᾶ διέταξε τόν πρεσβευτήν τῆς Κούβας νά ἐγκαταλείψη τήν χώραν ἐντός 48 ὡρῶν. Πιστεύεται ὅτι θά ἀκολουθήση διακοπή τῶν διπλωματικῶν σχέσεων.
ΠΟΛΙΣ ΤΟΥ ΠΑΝΑΜΑ, 10. (Ἀσσ. Πρές). — Ἡ κυβέρνησις τοῦ Παναμᾶ διέταξε τόν πρεσβευτήν τῆς Κούβας νά ἐγκαταλείψη τήν χώραν ἐντός 48 ὡρῶν. Πιστεύεται ὅτι θά ἀκολουθήση διακοπή τῶν διπλωματικῶν σχέσεων.
ΑΙ ΕΦΗΜΕΡΙΔΕΣ ΤΗΣ ΚΩΝΣΤΑΝΤΙΝΟΥΠΟΛΕΩΣ
ΔΙΕΚΟΨΑΝ ΕΠΙ ΤΡΙΗΜΕΡΟΝ ΤΗΝ ΕΚΔΟΣΙΝ
ΔΙΑΜΑΡΤΥΡΟΜΕΝΑΙ ΔΙΟΤΙ ΕΞΕΔΟΘΗΣΑΝ
ΝΟΜΟΙ ΕΥΝΟΟΥΝΤΕΣ ΤΟ ΠΡΟΣΩΠΙΚΟΝ ΤΩΝ
ΚΩΝ/ΠΟΛΙΣ, 10. (Ἀσσ. Πρές). — Αἱ ἐφημερίδες τῆς Κωνσταντινουπόλεως διέκοψαν ἐπί τριήμερον τήν ἔκδοσίν των, διαμαρτυρόμεναι διά τούς νέους νόμους οἱ ὁποῖοι εὐνοοῦν τό προσωπικόν των.
ΚΩΝ/ΠΟΛΙΣ, 10. (Ἀσσ. Πρές). — Αἱ ἐφημερίδες τῆς Κωνσταντινουπόλεως διέκοψαν ἐπί τριήμερον τήν ἔκδοσίν των, διαμαρτυρόμεναι διά τούς νέους νόμους οἱ ὁποῖοι εὐνοοῦν τό προσωπικόν των.
ΔΙΑΜΑΡΤΥΡΙΑ ΕΡΓΑΣΟΜΕΝΩΝ
ΚΩΝ/ΠΟΛΙΣ, 10. (Ἀσσ. Πρές). — Αἱ ἐφημερίδες τῆς Κωνσταντινουπόλεως διέκοψαν ἐπί τριήμερον τήν ἔκδοσίν των, διαμαρτυρόμεναι διά τούς νέους νόμους οἱ ὁποῖοι εὐνοοῦν τό προσωπικόν των.
ΦΙΛΕΡΓΑΤΙΚΟΣ ΝΟΜΟΣ
ΚΩΝ/ΠΟΛΙΣ, 10. (Ἀσσ. Πρές). — Αἱ ἐφημερίδες τῆς Κωνσταντινουπόλεως διέκοψαν ἐπί τριήμερον τήν ἔκδοσίν των, διαμαρτυρόμεναι διά τούς νέους νόμους οἱ ὁποῖοι εὐνοοῦν τό προσωπικόν των.
ΑΓΓΛΟΣ ΣΧΟΛΙΑΣΤΗΣ ΧΑΡΑΚΤΗΡΙΖΕΙ ΤΟΝ ΑΙΖΕΝΧΑΟΥΕΡ
«ΝΩΧΕΛΗ, ΚΑΛΟΚΑΓΑΘΟΝ ΚΑΙ ΠΝΕΥΜΑΤΙΚΩΣ ΑΝΙΚΑΝΟΝ»
«ΕΙΝΕ ΑΓΓΛΙΚΗ ΚΑΚΟΗΘΕΙΑ» ΑΠΑΝΤΟΥΝ ΟΙ ΑΜΕΡΙΚΑΝΟΙ
ΛΟΝΔΙΝΟΝ, 10. (Ἀσσ. Πρές). — Ὁ ἄγγλος σχολιαστής ἐχαρακτήρισε τόν πρόεδρον Αἰζενχάουερ νωχελῆ, καλοκάγαθον καί πνευματικῶς ἀνίκανον. Ἀμερικανοί ἀπαντοῦν ὅτι πρόκειται περί ἀγγλικῆς κακοηθείας.
ΛΟΝΔΙΝΟΝ, 10. (Ἀσσ. Πρές). — Ὁ ἄγγλος σχολιαστής ἐχαρακτήρισε τόν πρόεδρον Αἰζενχάουερ νωχελῆ, καλοκάγαθον καί πνευματικῶς ἀνίκανον. Ἀμερικανοί ἀπαντοῦν ὅτι πρόκειται περί ἀγγλικῆς κακοηθείας.
Η Δ.Ο.Μ. ΖΗΤΕΙ ΕΦΑΡΜΟΓΗΝ ΟΚΤΑΩΡΟΥ ΚΑΙ ΑΝΑΠΑΥΣΙΝ
ΔΙ' ΟΛΟΥΣ ΤΟΥΣ ΕΡΓΑΤΑΣ ΚΑΙ ΥΠΑΛΛΗΛΟΥΣ ΤΩΝ Σ.Ε.Κ.
ΑΘΗΝΑΙ, 10. — Ἡ Δ.Ο.Μ. ζητεῖ τήν ἐφαρμογήν τοῦ ὀκταώρου καί ἀναπαύσεως δι' ὅλους τούς ἐργάτας καί ὑπαλλήλους τῶν Σιδηροδρόμων.
ΑΘΗΝΑΙ, 10. — Ἡ Δ.Ο.Μ. ζητεῖ τήν ἐφαρμογήν τοῦ ὀκταώρου καί ἀναπαύσεως δι' ὅλους τούς ἐργάτας καί ὑπαλλήλους τῶν Σιδηροδρόμων.
ΕΠΕΙΣΟΔΙΟΝ ΕΙΣ ΤΟ ΙΕΡΑΤΙΚΟΝ ΣΥΝΕΔΡΙΟΝ
ΜΕΤΑΞΥ ΕΓΓΑΜΩΝ ΚΑΙ ΑΓΑΜΩΝ ΚΛΗΡΙΚΩΝ
ΑΘΗΝΑΙ, 10. — Ἐπεισόδιον ἐσημειώθη εἰς τό ἱερατικόν συνέδριον μεταξύ ἐγγάμων καί ἀγάμων κληρικῶν κατά τήν συζήτησιν τῶν θεμάτων τῆς ἡμερησίας διατάξεως.
ΑΘΗΝΑΙ, 10. — Ἐπεισόδιον ἐσημειώθη εἰς τό ἱερατικόν συνέδριον μεταξύ ἐγγάμων καί ἀγάμων κληρικῶν κατά τήν συζήτησιν τῶν θεμάτων τῆς ἡμερησίας διατάξεως.
ΔΙΚΑΖΕΤΑΙ Ο ΦΟΝΕΥΣ ΤΩΝ ΠΡΟΓΟΝΩΝ ΤΟΥ
ΔΙΑ ΚΤΗΜΑΤΙΚΑΣ ΔΙΑΦΟΡΑΣ ΕΙΣ ΛΕΒΑΔΕΙΑΝ
ΑΘΗΝΑΙ, 10. — Δικάζεται ἐνώπιον τοῦ Κακουργιοδικείου Λεβαδείας ὁ φονεύς τῶν προγόνων του, διά κτηματικάς διαφοράς.
ΑΘΗΝΑΙ, 10. — Δικάζεται ἐνώπιον τοῦ Κακουργιοδικείου Λεβαδείας ὁ φονεύς τῶν προγόνων του, διά κτηματικάς διαφοράς.
ΣΥΝΤΑΞΙΟΔΟΤΗΣΙΝ ΚΑΙ ΤΩΝ ΑΝΑΠΗΡΩΝ ΑΓΡΟΤΩΝ
ΖΗΤΕΙ Η Ε.Δ.Α. ΔΙ' ΥΠΟΒΛΗΘΕΙΣΗΣ ΤΡΟΠΟΛΟΓΙΑΣ
ΑΘΗΝΑΙ, 10. — Ἡ Ε.Δ.Α. ὑπέβαλε τροπολογίαν διά τήν συνταξιοδότησιν καί τῶν ἀναπήρων ἀγροτῶν.
ΤΟ ΠΡΑΚΤΟΡΕΙΟΝ ΕΛΛΑΣ
ΑΘΗΝΑΙ, 10. — Ἡ Ε.Δ.Α. ὑπέβαλε τροπολογίαν διά τήν συνταξιοδότησιν καί τῶν ἀναπήρων ἀγροτῶν.
Ο ΜΕΝΤΕΡΕΣ ΔΗΛΟΙ ΟΤΙ ΘΑ ΕΠΙΣΤΡΕΦΕΙ
ΟΛΑ ΤΑ ΥΠΟ ΜΥΣΤΙΚΩΝ ΚΟΝΔΥΛΙΩΝ ΠΟΣΑ
ΤΑ ΔΙΑΤΕΘΕΝΤΑ ΔΙΑ ΠΡΟΣΩΠΙΚΑ ΕΞΟΔΑ
ΚΑΙ ΔΙΑ ΚΟΜΜΑΤΙΚΗΝ ΠΡΟΠΑΓΑΝΔΑΝ
ΝΗΣΟΣ ΠΛΑΤΗ, 10. (Ἀσ. Πρές). — Ὁ τέως πρωθυπουργός τῆς Τουρκίας Ἀντνάν Μεντερές δηλοῖ ὅτι θά ἐπιστρέψη ὅλα τά ποσά τῶν μυστικῶν κονδυλίων τά διατεθέντα διά προσωπικά ἔξοδα καί διά κομματικήν προπαγάνδαν.
ΝΗΣΟΣ ΠΛΑΤΗ, 10. (Ἀσ. Πρές). — Ὁ τέως πρωθυπουργός τῆς Τουρκίας Ἀντνάν Μεντερές δηλοῖ ὅτι θά ἐπιστρέψη ὅλα τά ποσά τῶν μυστικῶν κονδυλίων τά διατεθέντα διά προσωπικά ἔξοδα καί διά κομματικήν προπαγάνδαν.
